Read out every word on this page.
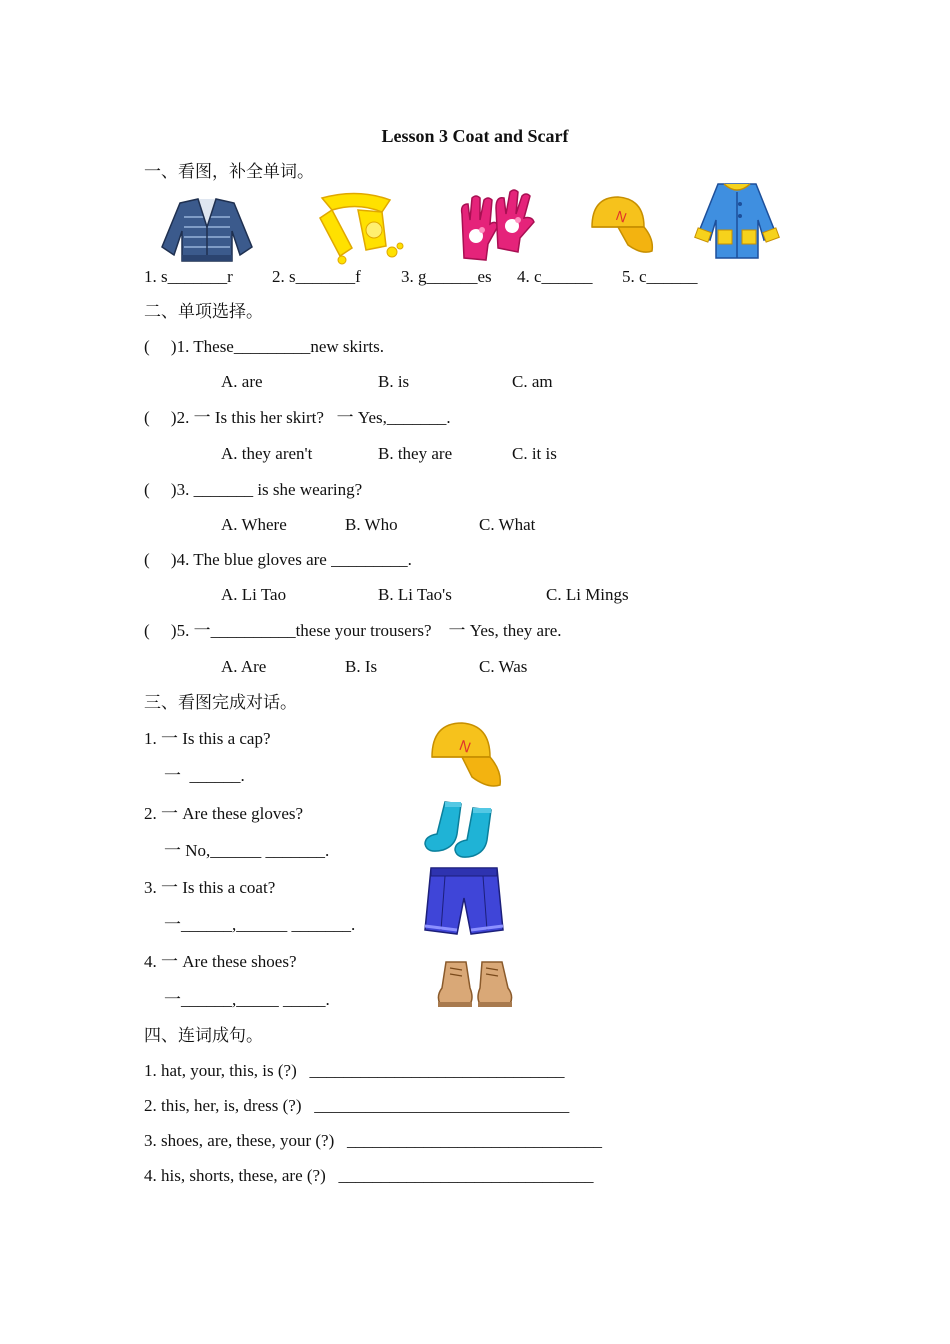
Lesson 3 Coat and Scarf
一、看图，补全单词。
N
1. s_______r 2. s_______f 3. g______es 4. c______ 5. c______
二、单项选择。
(     )1. These_________new skirts.
A. are	B. is	C. am
(     )2. 一 Is this her skirt?   一 Yes,_______.
A. they aren't	B. they are	C. it is
(     )3. _______ is she wearing?
A. Where	B. Who	C. What
(     )4. The blue gloves are _________.
A. Li Tao	B. Li Tao's	C. Li Mings
(     )5. 一__________these your trousers?    一 Yes, they are.
A. Are	B. Is	C. Was
三、看图完成对话。
1. 一 Is this a cap?
一  ______.
2. 一 Are these gloves?
一 No,______ _______.
3. 一 Is this a coat?
一______,______ _______.
4. 一 Are these shoes?
一______,_____ _____.
N
四、连词成句。
1. hat, your, this, is (?)   ______________________________
2. this, her, is, dress (?)   ______________________________
3. shoes, are, these, your (?)   ______________________________
4. his, shorts, these, are (?)   ______________________________
